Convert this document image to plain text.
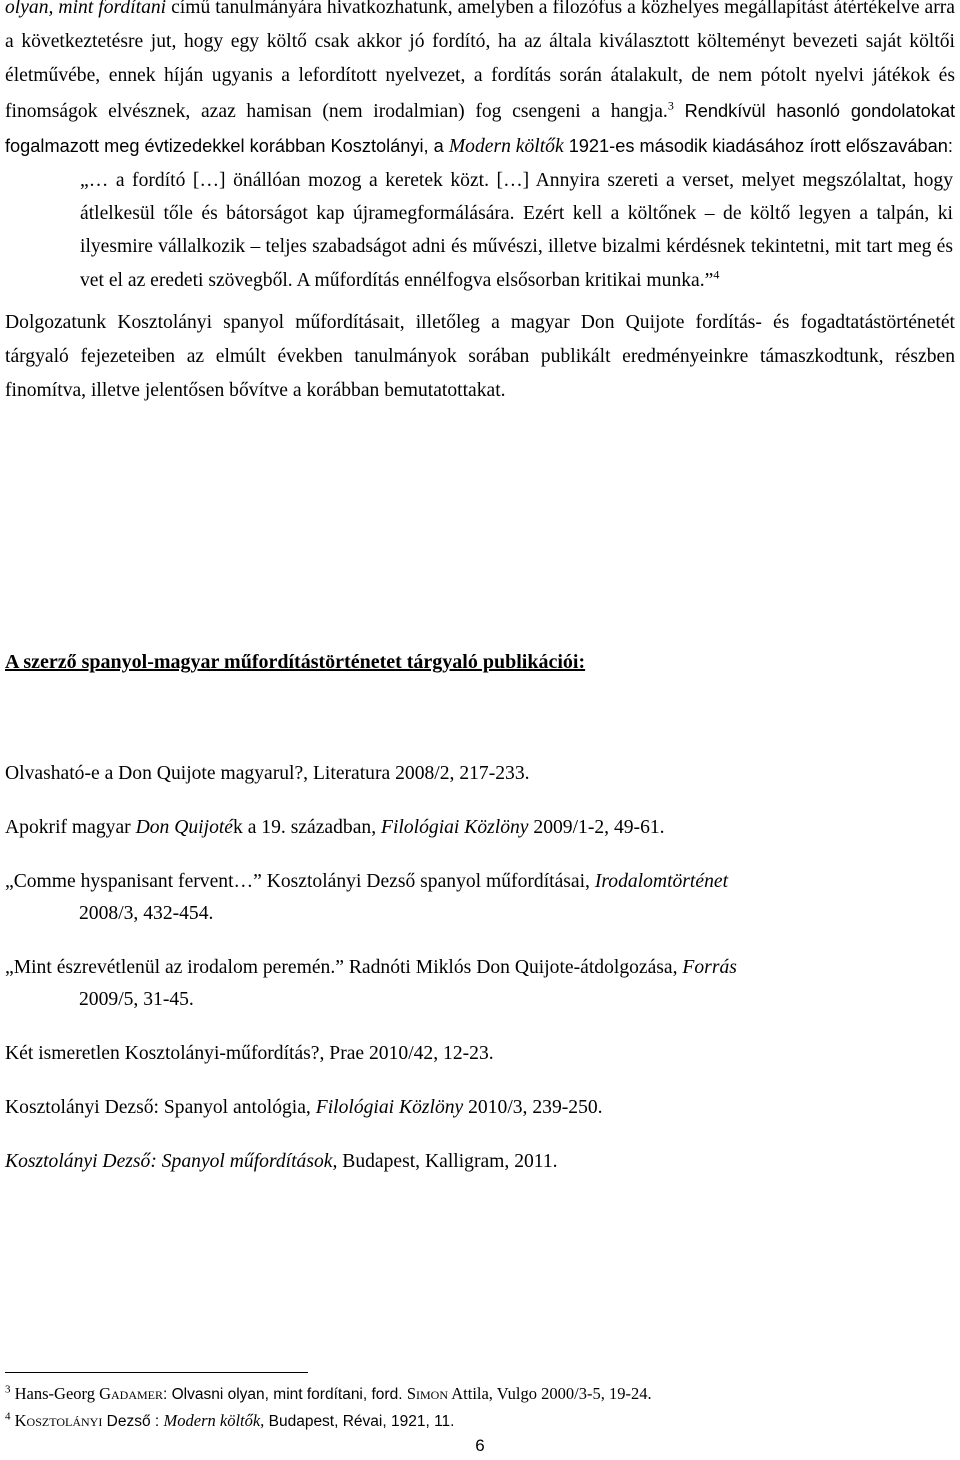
olyan, mint fordítani című tanulmányára hivatkozhatunk, amelyben a filozófus a közhelyes megállapítást átértékelve arra a következtetésre jut, hogy egy költő csak akkor jó fordító, ha az általa kiválasztott költeményt bevezeti saját költői életművébe, ennek híján ugyanis a lefordított nyelvezet, a fordítás során átalakult, de nem pótolt nyelvi játékok és finomságok elvésznek, azaz hamisan (nem irodalmian) fog csengeni a hangja.$^3$ Rendkívül hasonló gondolatokat fogalmazott meg évtizedekkel korábban Kosztolányi, a Modern költők 1921-es második kiadásához írott előszavában:

„… a fordító […] önállóan mozog a keretek közt. […] Annyira szereti a verset, melyet megszólaltat, hogy átlelkesül tőle és bátorságot kap újramegformálására. Ezért kell a költőnek – de költő legyen a talpán, ki ilyesmire vállalkozik – teljes szabadságot adni és művészi, illetve bizalmi kérdésnek tekintetni, mit tart meg és vet el az eredeti szövegből. A műfordítás ennélfogva elsősorban kritikai munka.”$^4$

Dolgozatunk Kosztolányi spanyol műfordításait, illetőleg a magyar Don Quijote fordítás- és fogadtatástörténetét tárgyaló fejezeteiben az elmúlt években tanulmányok sorában publikált eredményeinkre támaszkodtunk, részben finomítva, illetve jelentősen bővítve a korábban bemutatottakat.

A szerző spanyol-magyar műfordítástörténetet tárgyaló publikációi:

Olvasható-e a Don Quijote magyarul?, Literatura 2008/2, 217-233.

Apokrif magyar Don Quijoték a 19. században, Filológiai Közlöny 2009/1-2, 49-61.

„Comme hyspanisant fervent…” Kosztolányi Dezső spanyol műfordításai, Irodalomtörténet
2008/3, 432-454.

„Mint észrevétlenül az irodalom peremén.” Radnóti Miklós Don Quijote-átdolgozása, Forrás
2009/5, 31-45.

Két ismeretlen Kosztolányi-műfordítás?, Prae 2010/42, 12-23.

Kosztolányi Dezső: Spanyol antológia, Filológiai Közlöny 2010/3, 239-250.

Kosztolányi Dezső: Spanyol műfordítások, Budapest, Kalligram, 2011.

$^3$ Hans-Georg Gadamer: Olvasni olyan, mint fordítani, ford. Simon Attila, Vulgo 2000/3-5, 19-24.

$^4$ Kosztolányi Dezső : Modern költők, Budapest, Révai, 1921, 11.

6
